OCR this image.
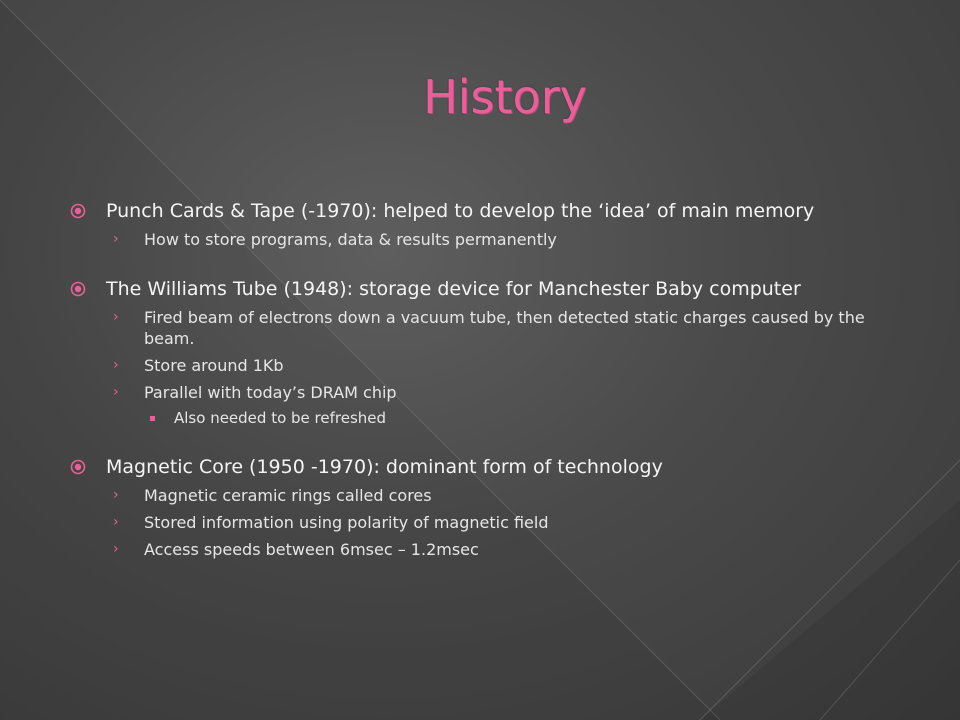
History
Punch Cards & Tape (-1970): helped to develop the ‘idea’ of main memory
› How to store programs, data & results permanently
The Williams Tube (1948): storage device for Manchester Baby computer
› Fired beam of electrons down a vacuum tube, then detected static charges caused by the beam.
› Store around 1Kb
› Parallel with today’s DRAM chip
Also needed to be refreshed
Magnetic Core (1950 -1970): dominant form of technology
› Magnetic ceramic rings called cores
› Stored information using polarity of magnetic field
› Access speeds between 6msec – 1.2msec
